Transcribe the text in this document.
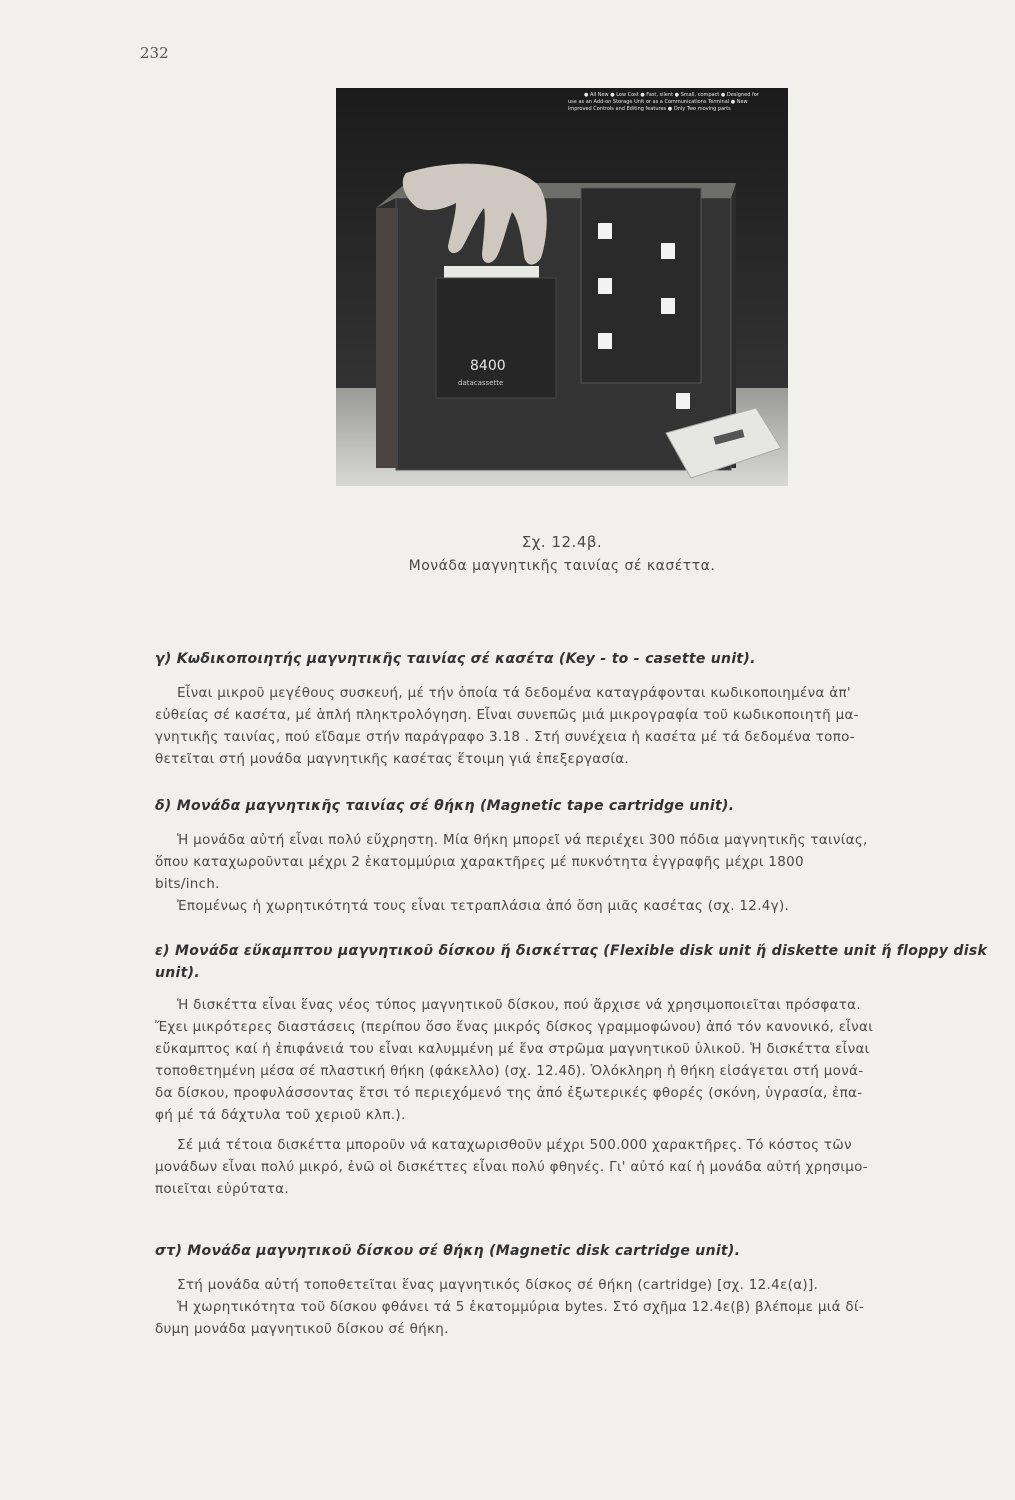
232
● All New ● Low Cost ● Fast, silent ● Small, compact ● Designed for
use as an Add-on Storage Unit or as a Communications Terminal ● New
improved Controls and Editing features ● Only Two moving parts
8400
datacassette
Σχ. 12.4β.
Μονάδα μαγνητικῆς ταινίας σέ κασέττα.
γ) Κωδικοποιητής μαγνητικῆς ταινίας σέ κασέτα (Key - to - casette unit).

Εἶναι μικροῦ μεγέθους συσκευή, μέ τήν ὁποία τά δεδομένα καταγράφονται κωδικοποιημένα ἀπ'

εὐθείας σέ κασέτα, μέ ἁπλή πληκτρολόγηση. Εἶναι συνεπῶς μιά μικρογραφία τοῦ κωδικοποιητῆ μα-

γνητικῆς ταινίας, πού εἴδαμε στήν παράγραφο 3.18 . Στή συνέχεια ἡ κασέτα μέ τά δεδομένα τοπο-

θετεῖται στή μονάδα μαγνητικῆς κασέτας ἕτοιμη γιά ἐπεξεργασία.

δ) Μονάδα μαγνητικῆς ταινίας σέ θήκη (Magnetic tape cartridge unit).

Ἡ μονάδα αὐτή εἶναι πολύ εὔχρηστη. Μία θήκη μπορεῖ νά περιέχει 300 πόδια μαγνητικῆς ταινίας,

ὅπου καταχωροῦνται μέχρι 2 ἑκατομμύρια χαρακτῆρες μέ πυκνότητα ἐγγραφῆς μέχρι 1800

bits/inch.

Ἐπομένως ἡ χωρητικότητά τους εἶναι τετραπλάσια ἀπό ὅση μιᾶς κασέτας (σχ. 12.4γ).

ε) Μονάδα εὔκαμπτου μαγνητικοῦ δίσκου ἤ δισκέττας (Flexible disk unit ἤ diskette unit ἤ floppy disk
unit).

Ἡ δισκέττα εἶναι ἕνας νέος τύπος μαγνητικοῦ δίσκου, πού ἄρχισε νά χρησιμοποιεῖται πρόσφατα.

Ἔχει μικρότερες διαστάσεις (περίπου ὅσο ἕνας μικρός δίσκος γραμμοφώνου) ἀπό τόν κανονικό, εἶναι

εὔκαμπτος καί ἡ ἐπιφάνειά του εἶναι καλυμμένη μέ ἕνα στρῶμα μαγνητικοῦ ὑλικοῦ. Ἡ δισκέττα εἶναι

τοποθετημένη μέσα σέ πλαστική θήκη (φάκελλο) (σχ. 12.4δ). Ὁλόκληρη ἡ θήκη εἰσάγεται στή μονά-

δα δίσκου, προφυλάσσοντας ἔτσι τό περιεχόμενό της ἀπό ἐξωτερικές φθορές (σκόνη, ὑγρασία, ἐπα-

φή μέ τά δάχτυλα τοῦ χεριοῦ κλπ.).

Σέ μιά τέτοια δισκέττα μποροῦν νά καταχωρισθοῦν μέχρι 500.000 χαρακτῆρες. Τό κόστος τῶν

μονάδων εἶναι πολύ μικρό, ἐνῶ οἱ δισκέττες εἶναι πολύ φθηνές. Γι' αὐτό καί ἡ μονάδα αὐτή χρησιμο-

ποιεῖται εὐρύτατα.

στ) Μονάδα μαγνητικοῦ δίσκου σέ θήκη (Magnetic disk cartridge unit).

Στή μονάδα αὐτή τοποθετεῖται ἕνας μαγνητικός δίσκος σέ θήκη (cartridge) [σχ. 12.4ε(α)].

Ἡ χωρητικότητα τοῦ δίσκου φθάνει τά 5 ἑκατομμύρια bytes. Στό σχῆμα 12.4ε(β) βλέπομε μιά δί-

δυμη μονάδα μαγνητικοῦ δίσκου σέ θήκη.
